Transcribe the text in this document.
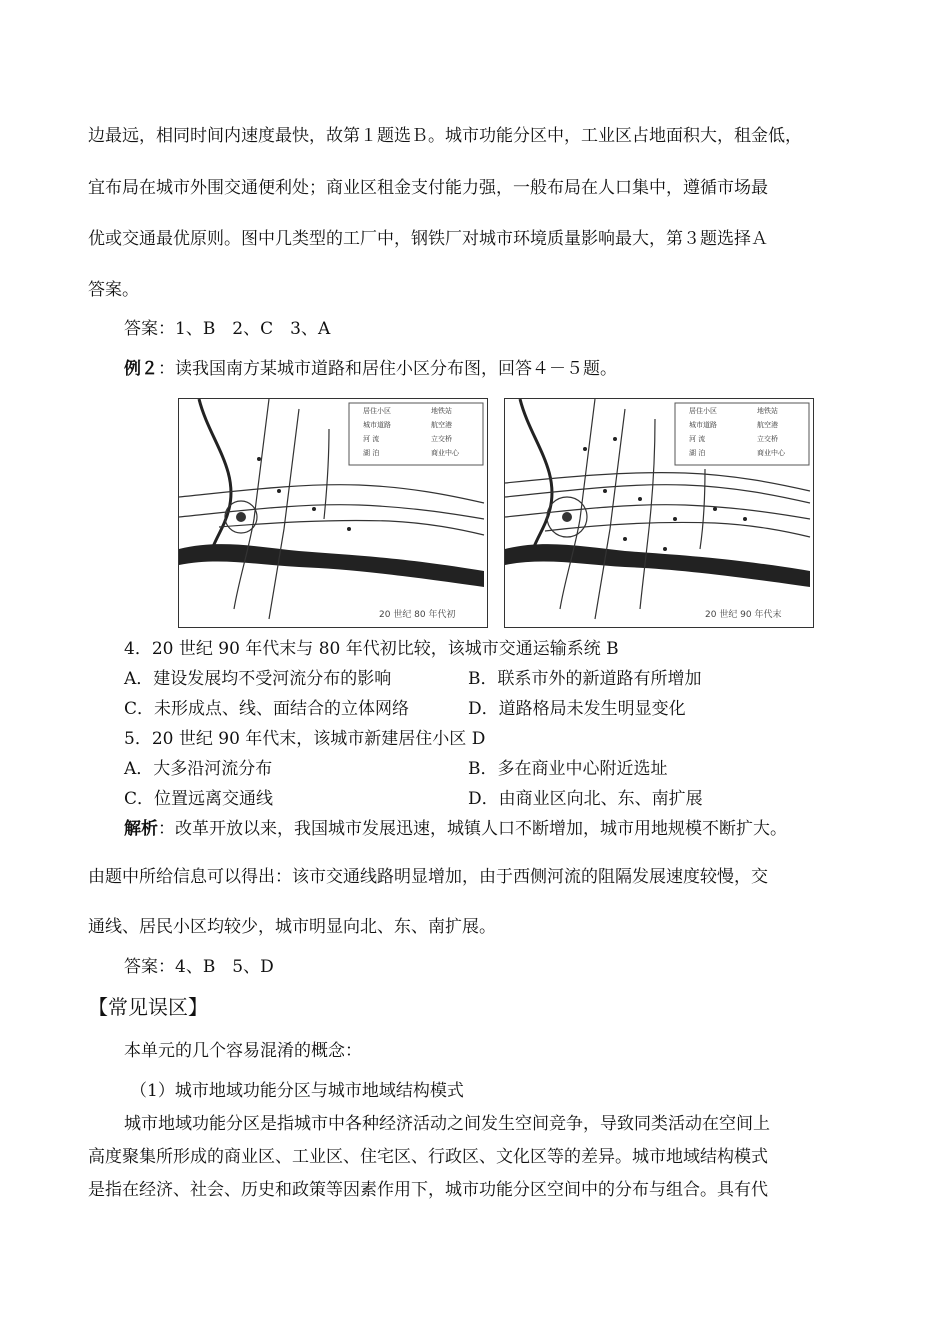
边最远，相同时间内速度最快，故第１题选Ｂ。城市功能分区中，工业区占地面积大，租金低，
宜布局在城市外围交通便利处；商业区租金支付能力强，一般布局在人口集中，遵循市场最
优或交通最优原则。图中几类型的工厂中，钢铁厂对城市环境质量影响最大，第３题选择Ａ
答案。
答案：1、B　2、C　3、A
例２：读我国南方某城市道路和居住小区分布图，回答４－５题。
居住小区
城市道路
河 流
湖 泊
地铁站
航空港
立交桥
商业中心
20 世纪 80 年代初
居住小区
城市道路
河 流
湖 泊
地铁站
航空港
立交桥
商业中心
20 世纪 90 年代末
4．20 世纪 90 年代末与 80 年代初比较，该城市交通运输系统 B
A．建设发展均不受河流分布的影响	B．联系市外的新道路有所增加
C．未形成点、线、面结合的立体网络	D．道路格局未发生明显变化
5．20 世纪 90 年代末，该城市新建居住小区 D
A．大多沿河流分布	B．多在商业中心附近选址
C．位置远离交通线	D．由商业区向北、东、南扩展
解析：改革开放以来，我国城市发展迅速，城镇人口不断增加，城市用地规模不断扩大。
由题中所给信息可以得出：该市交通线路明显增加，由于西侧河流的阻隔发展速度较慢，交
通线、居民小区均较少，城市明显向北、东、南扩展。
答案：4、B　5、D
【常见误区】
本单元的几个容易混淆的概念：
（1）城市地域功能分区与城市地域结构模式
城市地域功能分区是指城市中各种经济活动之间发生空间竞争，导致同类活动在空间上
高度聚集所形成的商业区、工业区、住宅区、行政区、文化区等的差异。城市地域结构模式
是指在经济、社会、历史和政策等因素作用下，城市功能分区空间中的分布与组合。具有代
